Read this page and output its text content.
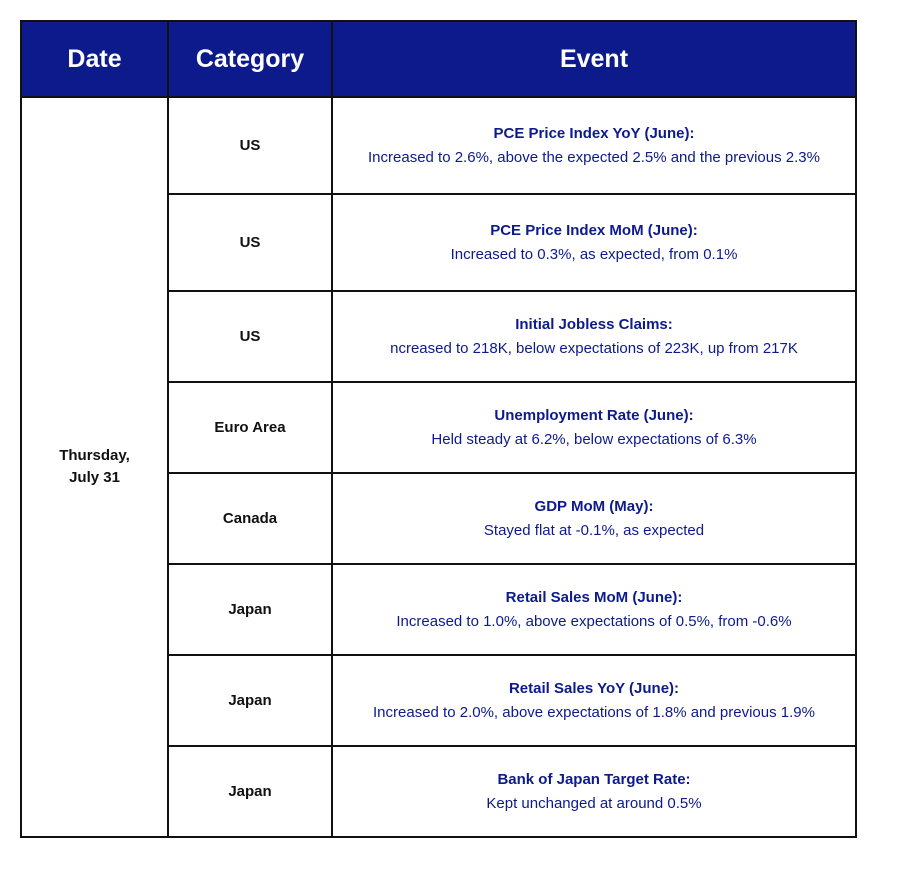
Date	Category	Event

Thursday,
July 31	US	PCE Price Index YoY (June):
Increased to 2.6%, above the expected 2.5% and the previous 2.3%

	US	PCE Price Index MoM (June):
Increased to 0.3%, as expected, from 0.1%

	US	Initial Jobless Claims:
ncreased to 218K, below expectations of 223K, up from 217K

	Euro Area	Unemployment Rate (June):
Held steady at 6.2%, below expectations of 6.3%

	Canada	GDP MoM (May):
Stayed flat at -0.1%, as expected

	Japan	Retail Sales MoM (June):
Increased to 1.0%, above expectations of 0.5%, from -0.6%

	Japan	Retail Sales YoY (June):
Increased to 2.0%, above expectations of 1.8% and previous 1.9%

	Japan	Bank of Japan Target Rate:
Kept unchanged at around 0.5%
